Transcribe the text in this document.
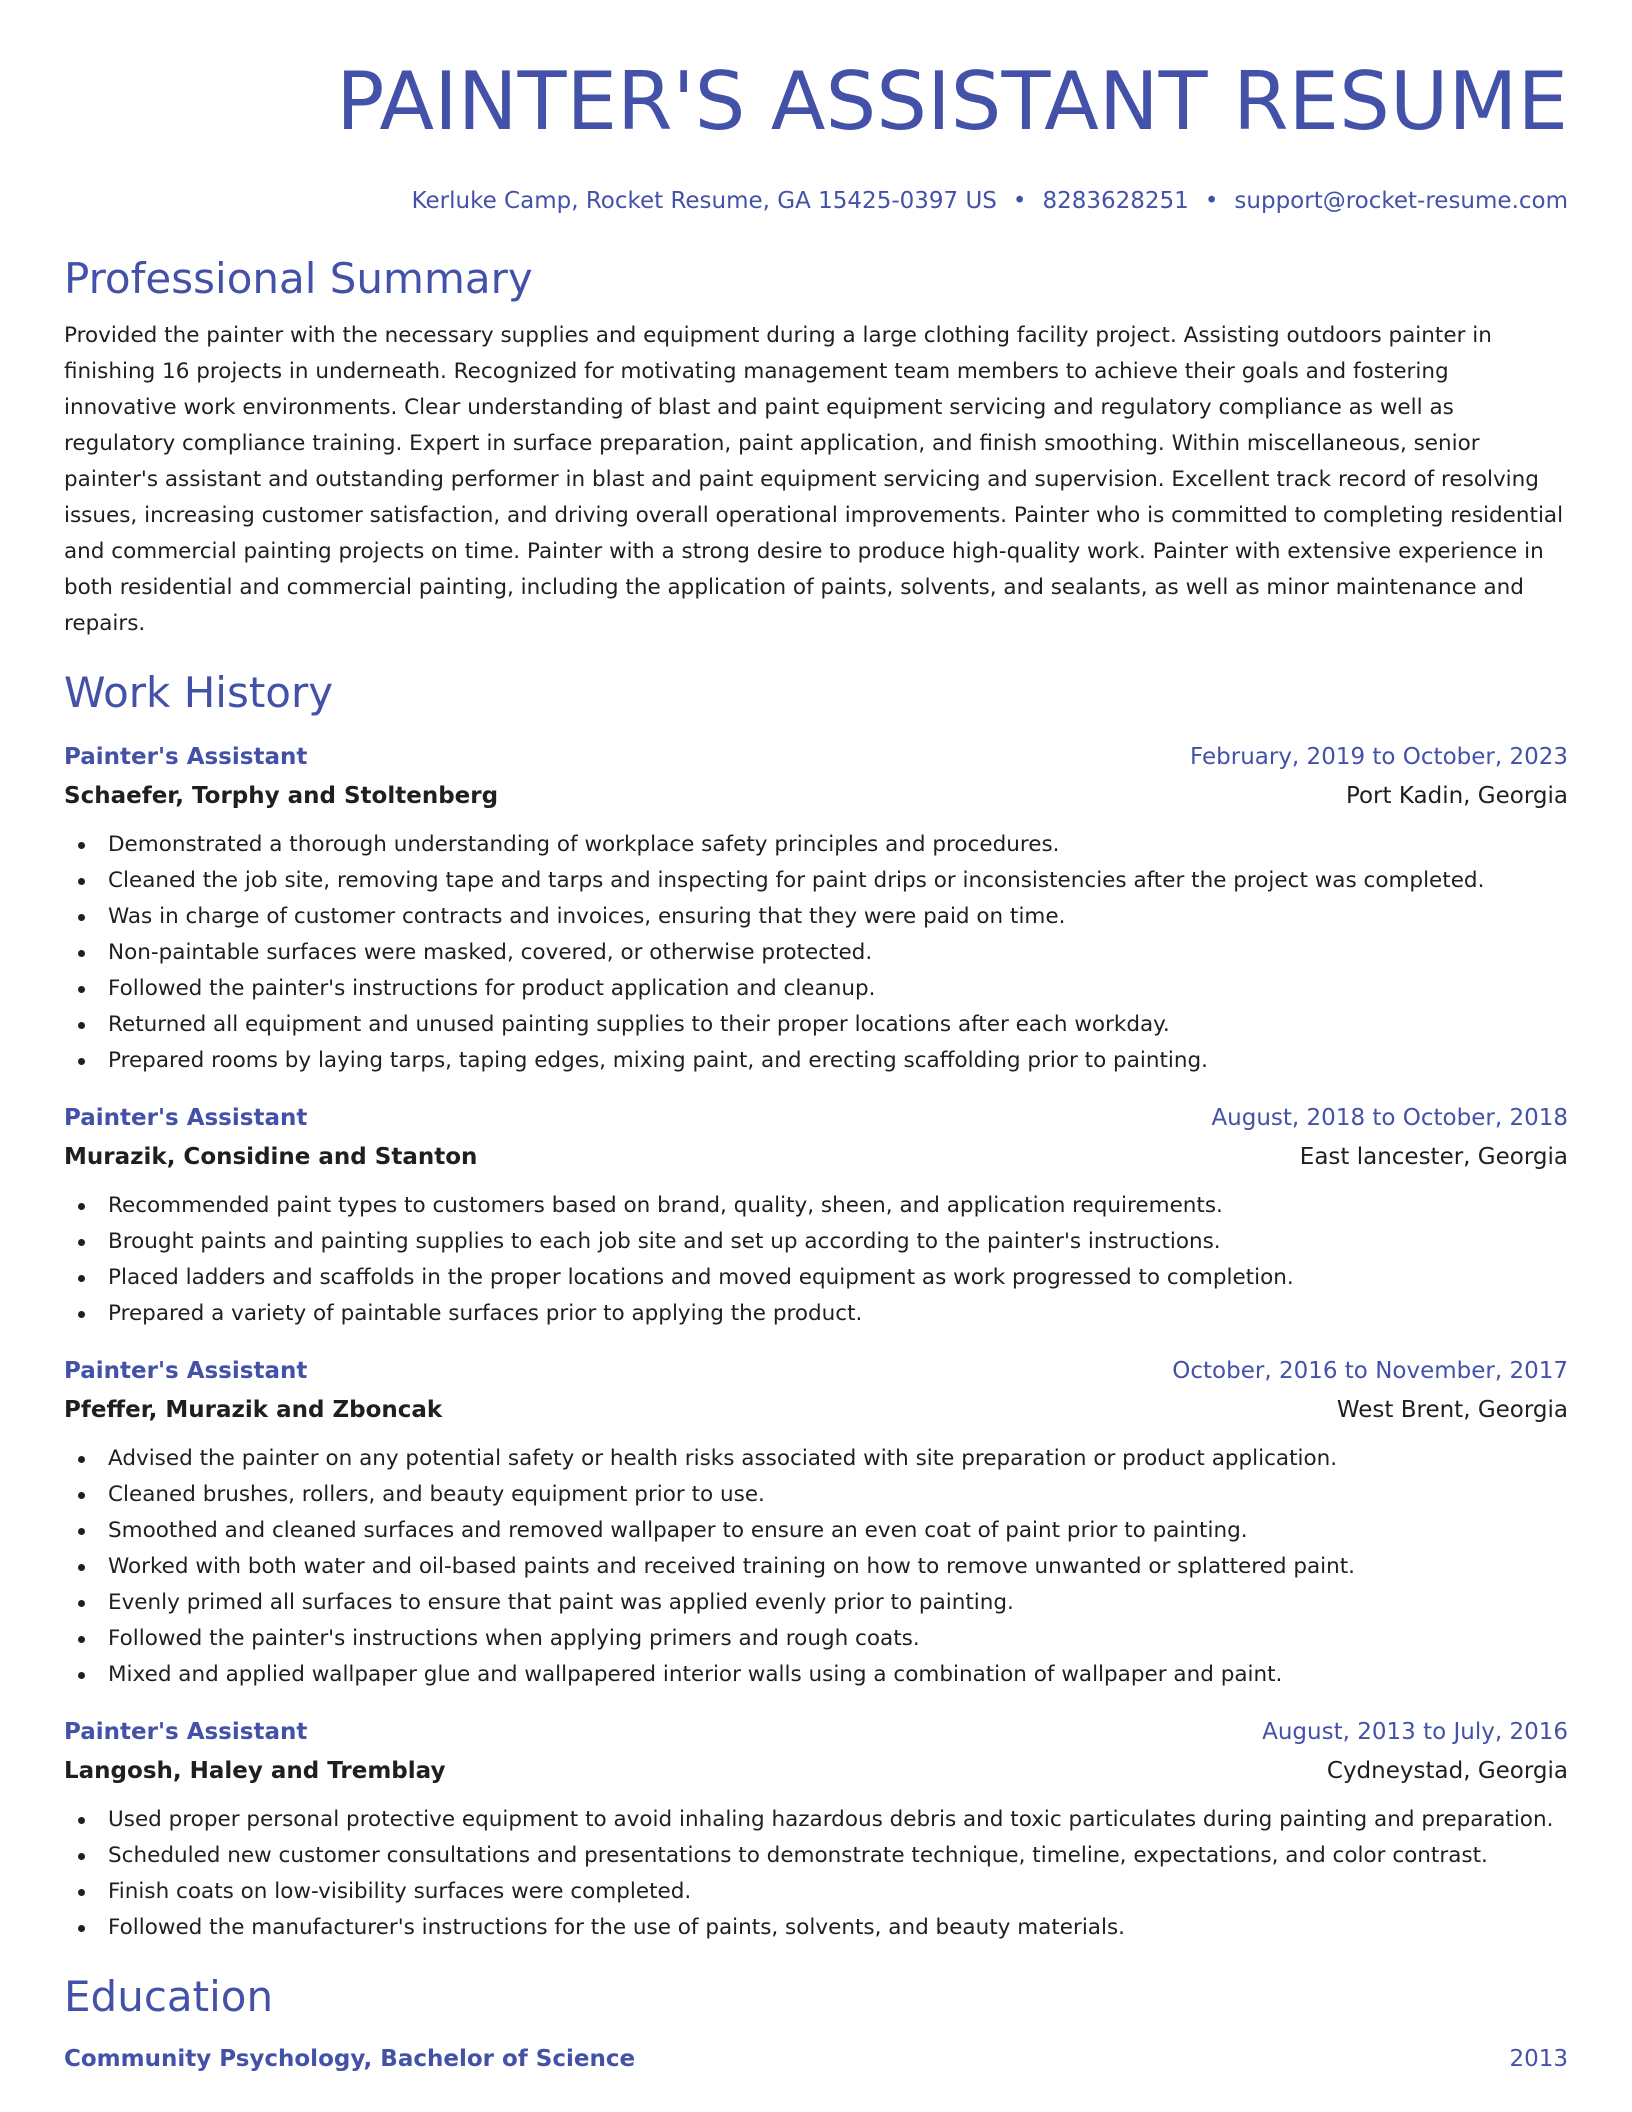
PAINTER'S ASSISTANT RESUME
Kerluke Camp, Rocket Resume, GA 15425-0397 US • 8283628251 • support@rocket-resume.com
Professional Summary
Provided the painter with the necessary supplies and equipment during a large clothing facility project. Assisting outdoors painter in finishing 16 projects in underneath. Recognized for motivating management team members to achieve their goals and fostering innovative work environments. Clear understanding of blast and paint equipment servicing and regulatory compliance as well as regulatory compliance training. Expert in surface preparation, paint application, and finish smoothing. Within miscellaneous, senior painter's assistant and outstanding performer in blast and paint equipment servicing and supervision. Excellent track record of resolving issues, increasing customer satisfaction, and driving overall operational improvements. Painter who is committed to completing residential and commercial painting projects on time. Painter with a strong desire to produce high-quality work. Painter with extensive experience in both residential and commercial painting, including the application of paints, solvents, and sealants, as well as minor maintenance and repairs.
Work History
Painter's Assistant	February, 2019 to October, 2023
Schaefer, Torphy and Stoltenberg	Port Kadin, Georgia
Demonstrated a thorough understanding of workplace safety principles and procedures.
Cleaned the job site, removing tape and tarps and inspecting for paint drips or inconsistencies after the project was completed.
Was in charge of customer contracts and invoices, ensuring that they were paid on time.
Non-paintable surfaces were masked, covered, or otherwise protected.
Followed the painter's instructions for product application and cleanup.
Returned all equipment and unused painting supplies to their proper locations after each workday.
Prepared rooms by laying tarps, taping edges, mixing paint, and erecting scaffolding prior to painting.
Painter's Assistant	August, 2018 to October, 2018
Murazik, Considine and Stanton	East lancester, Georgia
Recommended paint types to customers based on brand, quality, sheen, and application requirements.
Brought paints and painting supplies to each job site and set up according to the painter's instructions.
Placed ladders and scaffolds in the proper locations and moved equipment as work progressed to completion.
Prepared a variety of paintable surfaces prior to applying the product.
Painter's Assistant	October, 2016 to November, 2017
Pfeffer, Murazik and Zboncak	West Brent, Georgia
Advised the painter on any potential safety or health risks associated with site preparation or product application.
Cleaned brushes, rollers, and beauty equipment prior to use.
Smoothed and cleaned surfaces and removed wallpaper to ensure an even coat of paint prior to painting.
Worked with both water and oil-based paints and received training on how to remove unwanted or splattered paint.
Evenly primed all surfaces to ensure that paint was applied evenly prior to painting.
Followed the painter's instructions when applying primers and rough coats.
Mixed and applied wallpaper glue and wallpapered interior walls using a combination of wallpaper and paint.
Painter's Assistant	August, 2013 to July, 2016
Langosh, Haley and Tremblay	Cydneystad, Georgia
Used proper personal protective equipment to avoid inhaling hazardous debris and toxic particulates during painting and preparation.
Scheduled new customer consultations and presentations to demonstrate technique, timeline, expectations, and color contrast.
Finish coats on low-visibility surfaces were completed.
Followed the manufacturer's instructions for the use of paints, solvents, and beauty materials.
Education
Community Psychology, Bachelor of Science	2013
